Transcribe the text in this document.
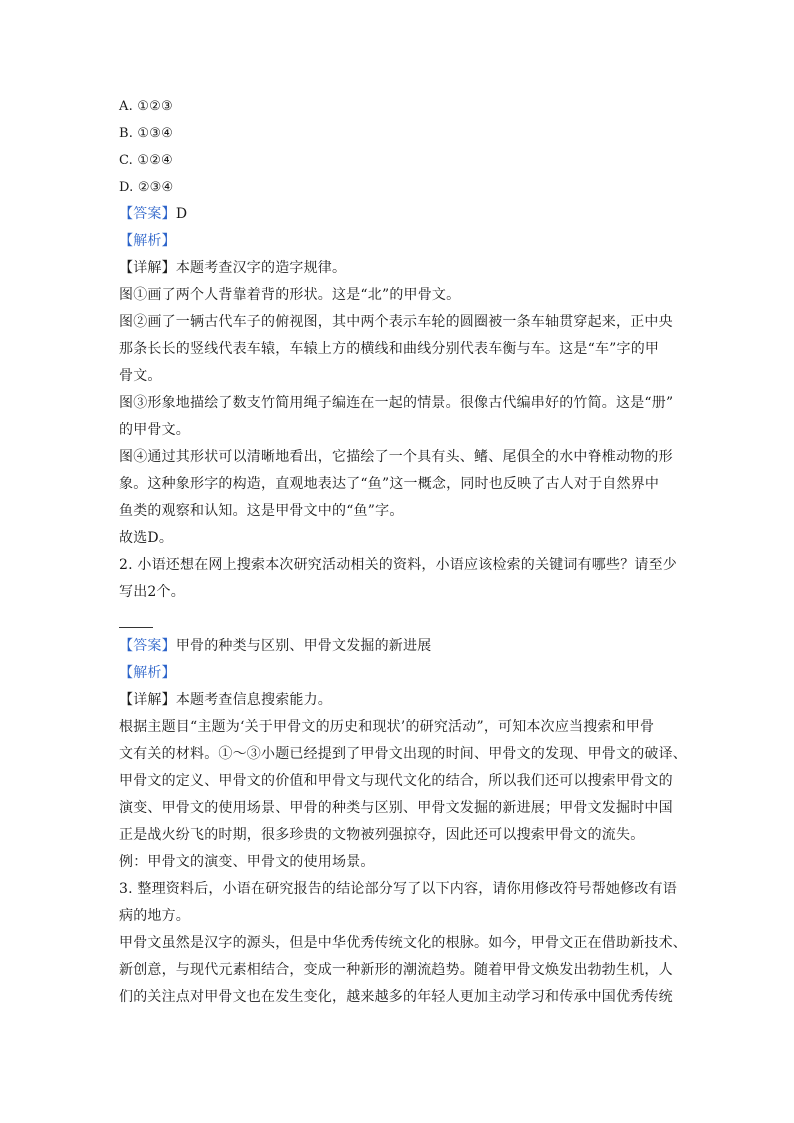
A. ①②③
B. ①③④
C. ①②④
D. ②③④
【答案】D
【解析】
【详解】本题考查汉字的造字规律。
图①画了两个人背靠着背的形状。这是“北”的甲骨文。
图②画了一辆古代车子的俯视图，其中两个表示车轮的圆圈被一条车轴贯穿起来，正中央
那条长长的竖线代表车辕，车辕上方的横线和曲线分别代表车衡与车。这是“车”字的甲
骨文。
图③形象地描绘了数支竹简用绳子编连在一起的情景。很像古代编串好的竹简。这是“册”
的甲骨文。
图④通过其形状可以清晰地看出，它描绘了一个具有头、鳍、尾俱全的水中脊椎动物的形
象。这种象形字的构造，直观地表达了“鱼”这一概念，同时也反映了古人对于自然界中
鱼类的观察和认知。这是甲骨文中的“鱼”字。
故选D。
2. 小语还想在网上搜索本次研究活动相关的资料，小语应该检索的关键词有哪些？请至少
写出2个。
【答案】甲骨的种类与区别、甲骨文发掘的新进展
【解析】
【详解】本题考查信息搜索能力。
根据主题目“主题为‘关于甲骨文的历史和现状’的研究活动”，可知本次应当搜索和甲骨
文有关的材料。①～③小题已经提到了甲骨文出现的时间、甲骨文的发现、甲骨文的破译、
甲骨文的定义、甲骨文的价值和甲骨文与现代文化的结合，所以我们还可以搜索甲骨文的
演变、甲骨文的使用场景、甲骨的种类与区别、甲骨文发掘的新进展；甲骨文发掘时中国
正是战火纷飞的时期，很多珍贵的文物被列强掠夺，因此还可以搜索甲骨文的流失。
例：甲骨文的演变、甲骨文的使用场景。
3. 整理资料后，小语在研究报告的结论部分写了以下内容，请你用修改符号帮她修改有语
病的地方。
甲骨文虽然是汉字的源头，但是中华优秀传统文化的根脉。如今，甲骨文正在借助新技术、
新创意，与现代元素相结合，变成一种新形的潮流趋势。随着甲骨文焕发出勃勃生机，人
们的关注点对甲骨文也在发生变化，越来越多的年轻人更加主动学习和传承中国优秀传统
